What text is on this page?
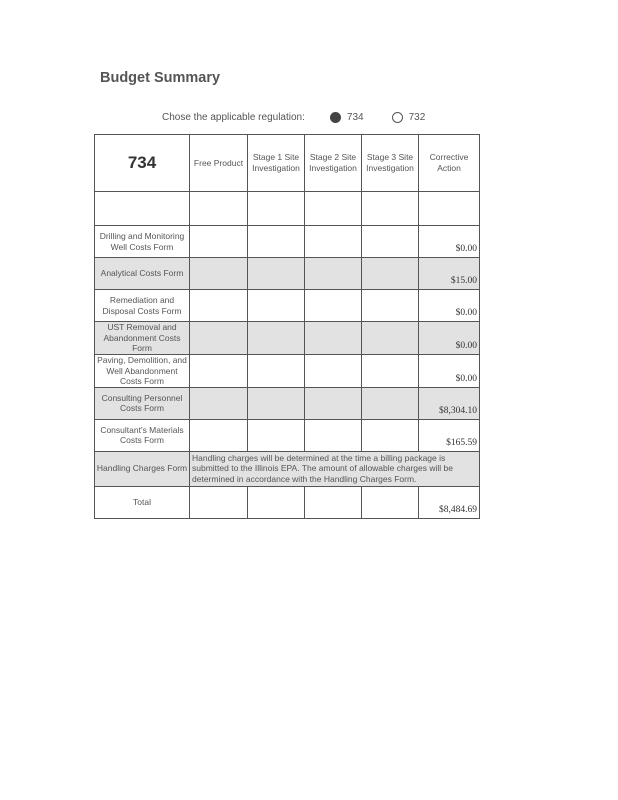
Budget Summary
Chose the applicable regulation:	734	732
734	Free Product	Stage 1 Site Investigation	Stage 2 Site Investigation	Stage 3 Site Investigation	Corrective Action

Drilling and Monitoring Well Costs Form					$0.00
Analytical Costs Form					$15.00
Remediation and Disposal Costs Form					$0.00
UST Removal and Abandonment Costs Form					$0.00
Paving, Demolition, and Well Abandonment Costs Form					$0.00
Consulting Personnel Costs Form					$8,304.10
Consultant's Materials Costs Form					$165.59
Handling Charges Form	Handling charges will be determined at the time a billing package is submitted to the Illinois EPA. The amount of allowable charges will be determined in accordance with the Handling Charges Form.				
Total					$8,484.69
